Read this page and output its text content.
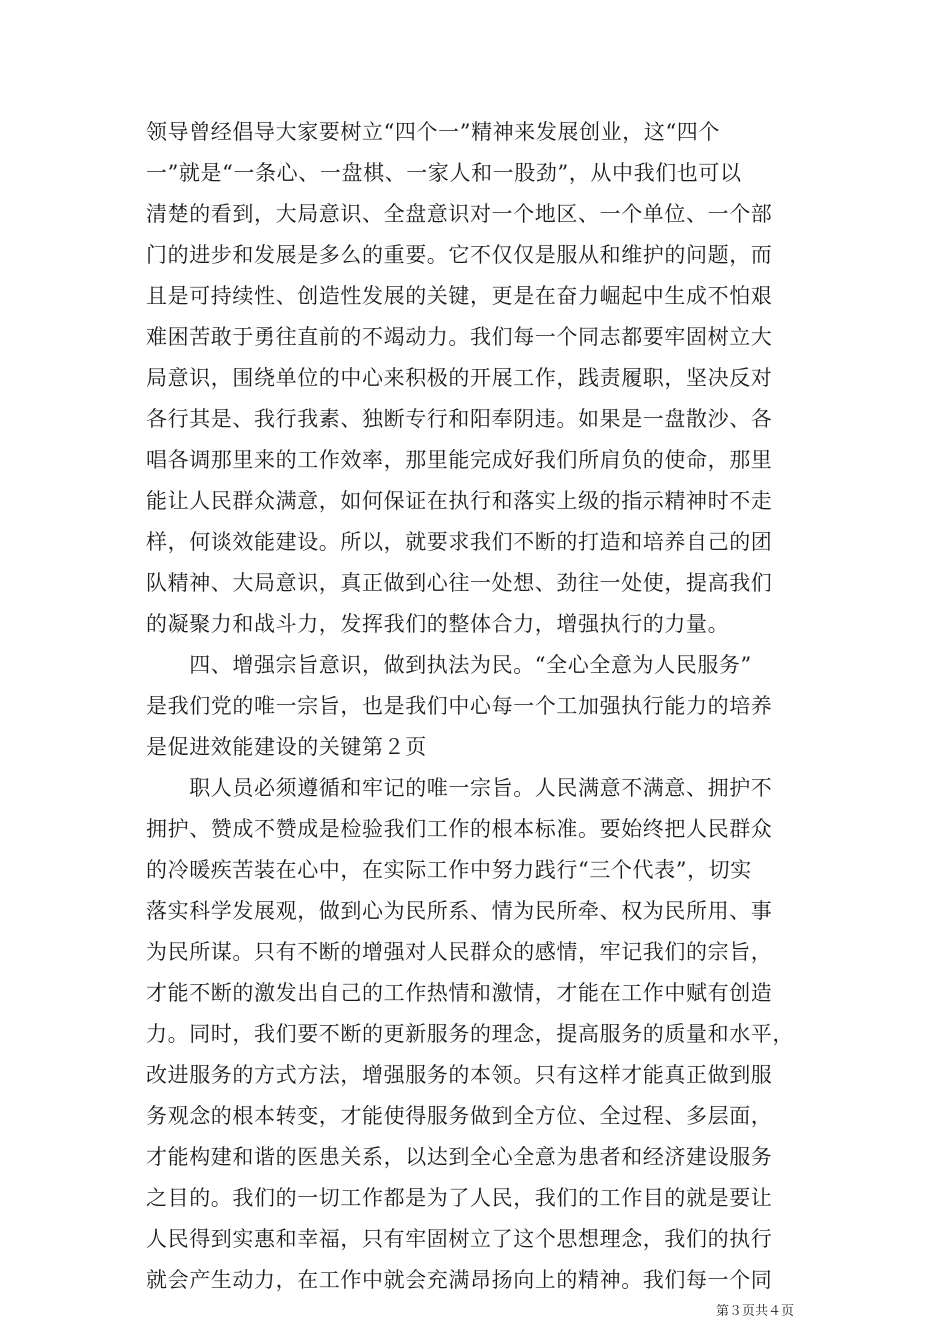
领导曾经倡导大家要树立“四个一”精神来发展创业，这“四个
一”就是“一条心、一盘棋、一家人和一股劲”，从中我们也可以
清楚的看到，大局意识、全盘意识对一个地区、一个单位、一个部
门的进步和发展是多么的重要。它不仅仅是服从和维护的问题，而
且是可持续性、创造性发展的关键，更是在奋力崛起中生成不怕艰
难困苦敢于勇往直前的不竭动力。我们每一个同志都要牢固树立大
局意识，围绕单位的中心来积极的开展工作，践责履职，坚决反对
各行其是、我行我素、独断专行和阳奉阴违。如果是一盘散沙、各
唱各调那里来的工作效率，那里能完成好我们所肩负的使命，那里
能让人民群众满意，如何保证在执行和落实上级的指示精神时不走
样，何谈效能建设。所以，就要求我们不断的打造和培养自己的团
队精神、大局意识，真正做到心往一处想、劲往一处使，提高我们
的凝聚力和战斗力，发挥我们的整体合力，增强执行的力量。
　　四、增强宗旨意识，做到执法为民。“全心全意为人民服务”
是我们党的唯一宗旨，也是我们中心每一个工加强执行能力的培养
是促进效能建设的关键第２页
　　职人员必须遵循和牢记的唯一宗旨。人民满意不满意、拥护不
拥护、赞成不赞成是检验我们工作的根本标准。要始终把人民群众
的冷暖疾苦装在心中，在实际工作中努力践行“三个代表”，切实
落实科学发展观，做到心为民所系、情为民所牵、权为民所用、事
为民所谋。只有不断的增强对人民群众的感情，牢记我们的宗旨，
才能不断的激发出自己的工作热情和激情，才能在工作中赋有创造
力。同时，我们要不断的更新服务的理念，提高服务的质量和水平，
改进服务的方式方法，增强服务的本领。只有这样才能真正做到服
务观念的根本转变，才能使得服务做到全方位、全过程、多层面，
才能构建和谐的医患关系，以达到全心全意为患者和经济建设服务
之目的。我们的一切工作都是为了人民，我们的工作目的就是要让
人民得到实惠和幸福，只有牢固树立了这个思想理念，我们的执行
就会产生动力，在工作中就会充满昂扬向上的精神。我们每一个同
第３页共４页
